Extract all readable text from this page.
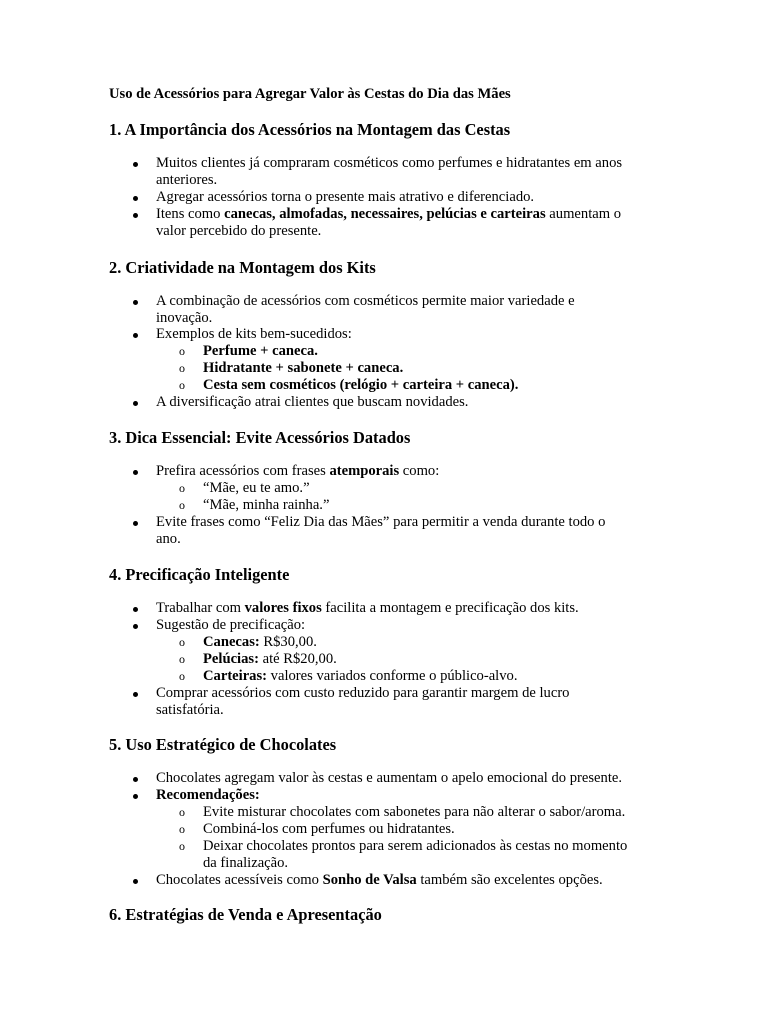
Uso de Acessórios para Agregar Valor às Cestas do Dia das Mães
1. A Importância dos Acessórios na Montagem das Cestas
Muitos clientes já compraram cosméticos como perfumes e hidratantes em anos
anteriores.
Agregar acessórios torna o presente mais atrativo e diferenciado.
Itens como canecas, almofadas, necessaires, pelúcias e carteiras aumentam o
valor percebido do presente.
2. Criatividade na Montagem dos Kits
A combinação de acessórios com cosméticos permite maior variedade e
inovação.
Exemplos de kits bem-sucedidos:
o Perfume + caneca.
o Hidratante + sabonete + caneca.
o Cesta sem cosméticos (relógio + carteira + caneca).
A diversificação atrai clientes que buscam novidades.
3. Dica Essencial: Evite Acessórios Datados
Prefira acessórios com frases atemporais como:
o “Mãe, eu te amo.”
o “Mãe, minha rainha.”
Evite frases como “Feliz Dia das Mães” para permitir a venda durante todo o
ano.
4. Precificação Inteligente
Trabalhar com valores fixos facilita a montagem e precificação dos kits.
Sugestão de precificação:
o Canecas: R$30,00.
o Pelúcias: até R$20,00.
o Carteiras: valores variados conforme o público-alvo.
Comprar acessórios com custo reduzido para garantir margem de lucro
satisfatória.
5. Uso Estratégico de Chocolates
Chocolates agregam valor às cestas e aumentam o apelo emocional do presente.
Recomendações:
o Evite misturar chocolates com sabonetes para não alterar o sabor/aroma.
o Combiná-los com perfumes ou hidratantes.
o Deixar chocolates prontos para serem adicionados às cestas no momento
da finalização.
Chocolates acessíveis como Sonho de Valsa também são excelentes opções.
6. Estratégias de Venda e Apresentação
